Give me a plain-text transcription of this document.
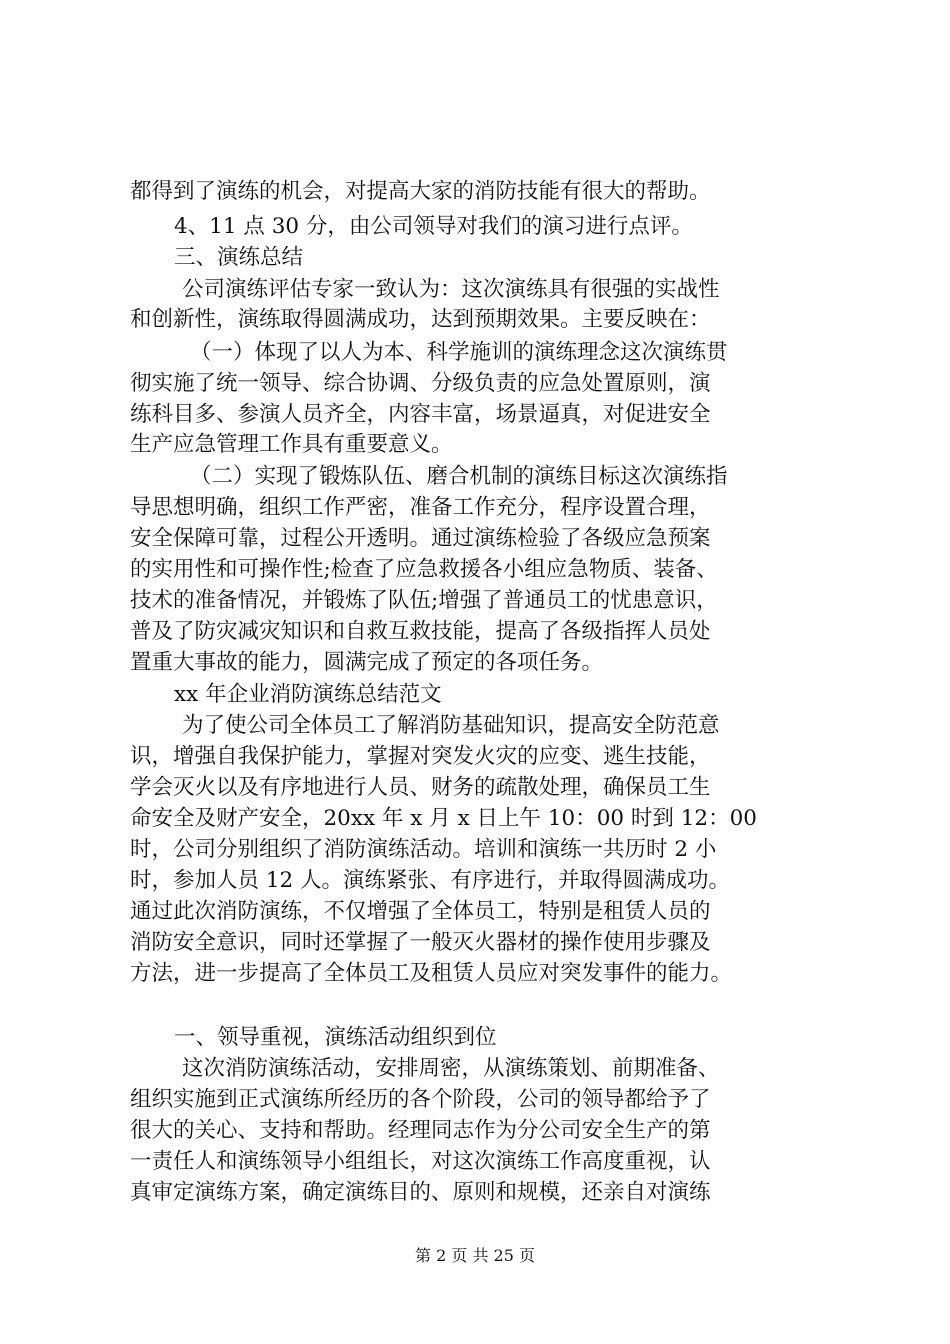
都得到了演练的机会，对提高大家的消防技能有很大的帮助。
4、11 点 30 分，由公司领导对我们的演习进行点评。
三、演练总结
公司演练评估专家一致认为：这次演练具有很强的实战性
和创新性，演练取得圆满成功，达到预期效果。主要反映在：
（一）体现了以人为本、科学施训的演练理念这次演练贯
彻实施了统一领导、综合协调、分级负责的应急处置原则，演
练科目多、参演人员齐全，内容丰富，场景逼真，对促进安全
生产应急管理工作具有重要意义。
（二）实现了锻炼队伍、磨合机制的演练目标这次演练指
导思想明确，组织工作严密，准备工作充分，程序设置合理，
安全保障可靠，过程公开透明。通过演练检验了各级应急预案
的实用性和可操作性;检查了应急救援各小组应急物质、装备、
技术的准备情况，并锻炼了队伍;增强了普通员工的忧患意识，
普及了防灾减灾知识和自救互救技能，提高了各级指挥人员处
置重大事故的能力，圆满完成了预定的各项任务。
xx 年企业消防演练总结范文
为了使公司全体员工了解消防基础知识，提高安全防范意
识，增强自我保护能力，掌握对突发火灾的应变、逃生技能，
学会灭火以及有序地进行人员、财务的疏散处理，确保员工生
命安全及财产安全，20xx 年 x 月 x 日上午 10：00 时到 12：00
时，公司分别组织了消防演练活动。培训和演练一共历时 2 小
时，参加人员 12 人。演练紧张、有序进行，并取得圆满成功。
通过此次消防演练，不仅增强了全体员工，特别是租赁人员的
消防安全意识，同时还掌握了一般灭火器材的操作使用步骤及
方法，进一步提高了全体员工及租赁人员应对突发事件的能力。
一、领导重视，演练活动组织到位
这次消防演练活动，安排周密，从演练策划、前期准备、
组织实施到正式演练所经历的各个阶段，公司的领导都给予了
很大的关心、支持和帮助。经理同志作为分公司安全生产的第
一责任人和演练领导小组组长，对这次演练工作高度重视，认
真审定演练方案，确定演练目的、原则和规模，还亲自对演练
第 2 页 共 25 页
